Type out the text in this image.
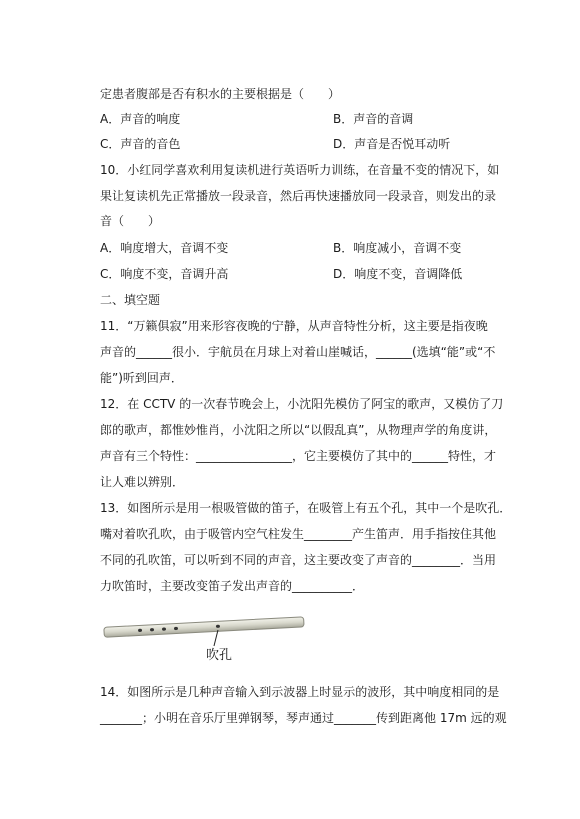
定患者腹部是否有积水的主要根据是（　　）
A．声音的响度	B．声音的音调
C．声音的音色	D．声音是否悦耳动听
10．小红同学喜欢利用复读机进行英语听力训练，在音量不变的情况下，如
果让复读机先正常播放一段录音，然后再快速播放同一段录音，则发出的录
音（　　）
A．响度增大，音调不变	B．响度减小，音调不变
C．响度不变，音调升高	D．响度不变，音调降低
二、填空题
11．“万籁俱寂”用来形容夜晚的宁静，从声音特性分析，这主要是指夜晚
声音的______很小．宇航员在月球上对着山崖喊话，______(选填“能”或“不
能”)听到回声．
12．在 CCTV 的一次春节晚会上，小沈阳先模仿了阿宝的歌声，又模仿了刀
郎的歌声，都惟妙惟肖，小沈阳之所以“以假乱真”，从物理声学的角度讲，
声音有三个特性：________________，它主要模仿了其中的______特性，才
让人难以辨别．
13．如图所示是用一根吸管做的笛子，在吸管上有五个孔，其中一个是吹孔．
嘴对着吹孔吹，由于吸管内空气柱发生________产生笛声．用手指按住其他
不同的孔吹笛，可以听到不同的声音，这主要改变了声音的________．当用
力吹笛时，主要改变笛子发出声音的__________．
吹孔
14．如图所示是几种声音输入到示波器上时显示的波形，其中响度相同的是
_______；小明在音乐厅里弹钢琴，琴声通过_______传到距离他 17m 远的观
